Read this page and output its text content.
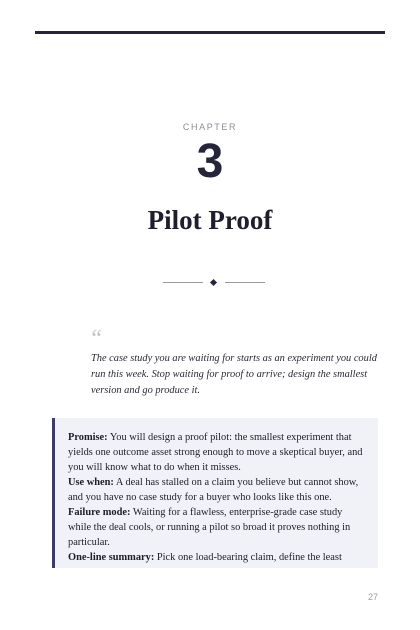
CHAPTER
3
Pilot Proof
“
The case study you are waiting for starts as an experiment you could run this week. Stop waiting for proof to arrive; design the smallest version and go produce it.

Promise: You will design a proof pilot: the smallest experiment that yields one outcome asset strong enough to move a skeptical buyer, and you will know what to do when it misses.

Use when: A deal has stalled on a claim you believe but cannot show, and you have no case study for a buyer who looks like this one.

Failure mode: Waiting for a flawless, enterprise-grade case study while the deal cools, or running a pilot so broad it proves nothing in particular.

One-line summary: Pick one load-bearing claim, define the least

27
